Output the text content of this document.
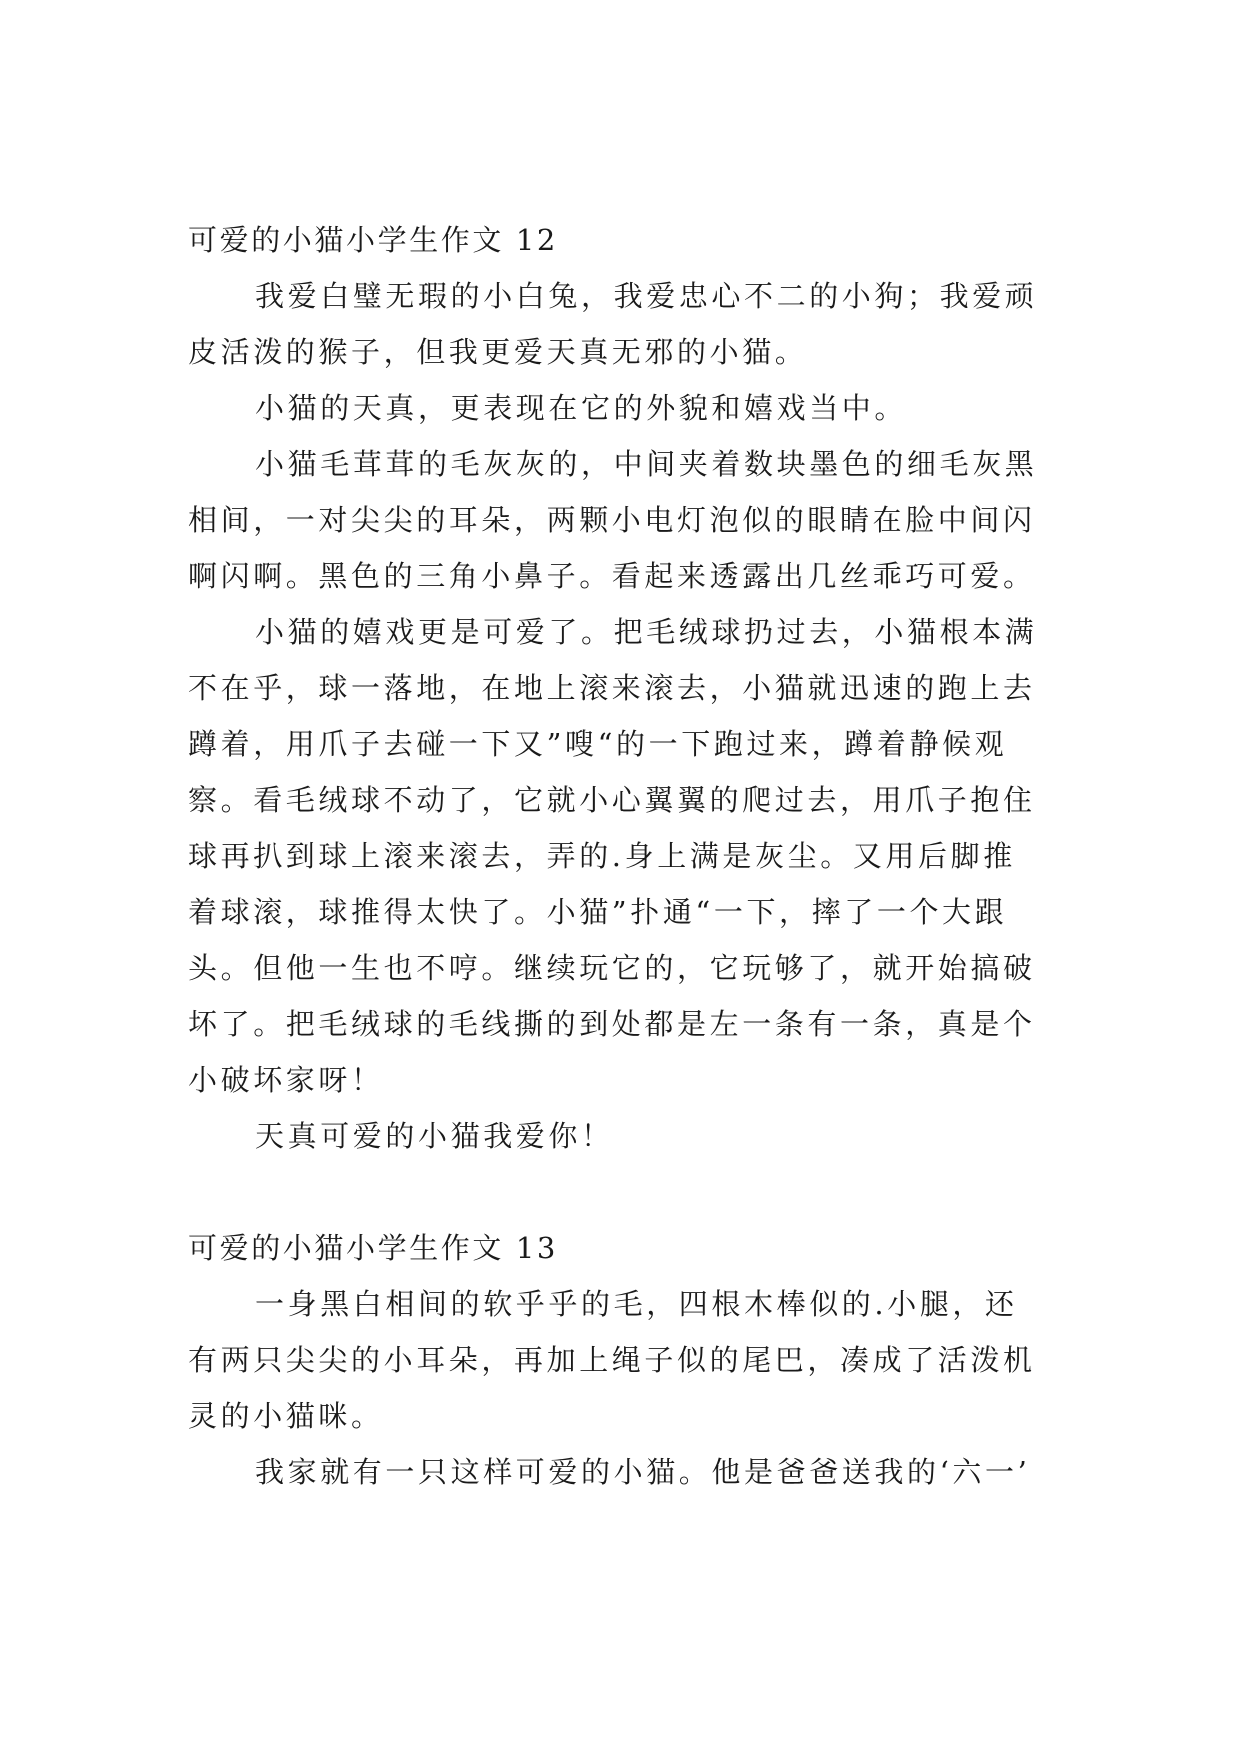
可爱的小猫小学生作文 12
我爱白璧无瑕的小白兔，我爱忠心不二的小狗；我爱顽
皮活泼的猴子，但我更爱天真无邪的小猫。
小猫的天真，更表现在它的外貌和嬉戏当中。
小猫毛茸茸的毛灰灰的，中间夹着数块墨色的细毛灰黑
相间，一对尖尖的耳朵，两颗小电灯泡似的眼睛在脸中间闪
啊闪啊。黑色的三角小鼻子。看起来透露出几丝乖巧可爱。
小猫的嬉戏更是可爱了。把毛绒球扔过去，小猫根本满
不在乎，球一落地，在地上滚来滚去，小猫就迅速的跑上去
蹲着，用爪子去碰一下又”嗖“的一下跑过来，蹲着静候观
察。看毛绒球不动了，它就小心翼翼的爬过去，用爪子抱住
球再扒到球上滚来滚去，弄的.身上满是灰尘。又用后脚推
着球滚，球推得太快了。小猫”扑通“一下，摔了一个大跟
头。但他一生也不哼。继续玩它的，它玩够了，就开始搞破
坏了。把毛绒球的毛线撕的到处都是左一条有一条，真是个
小破坏家呀！
天真可爱的小猫我爱你！
可爱的小猫小学生作文 13
一身黑白相间的软乎乎的毛，四根木棒似的.小腿，还
有两只尖尖的小耳朵，再加上绳子似的尾巴，凑成了活泼机
灵的小猫咪。
我家就有一只这样可爱的小猫。他是爸爸送我的‘六一’
